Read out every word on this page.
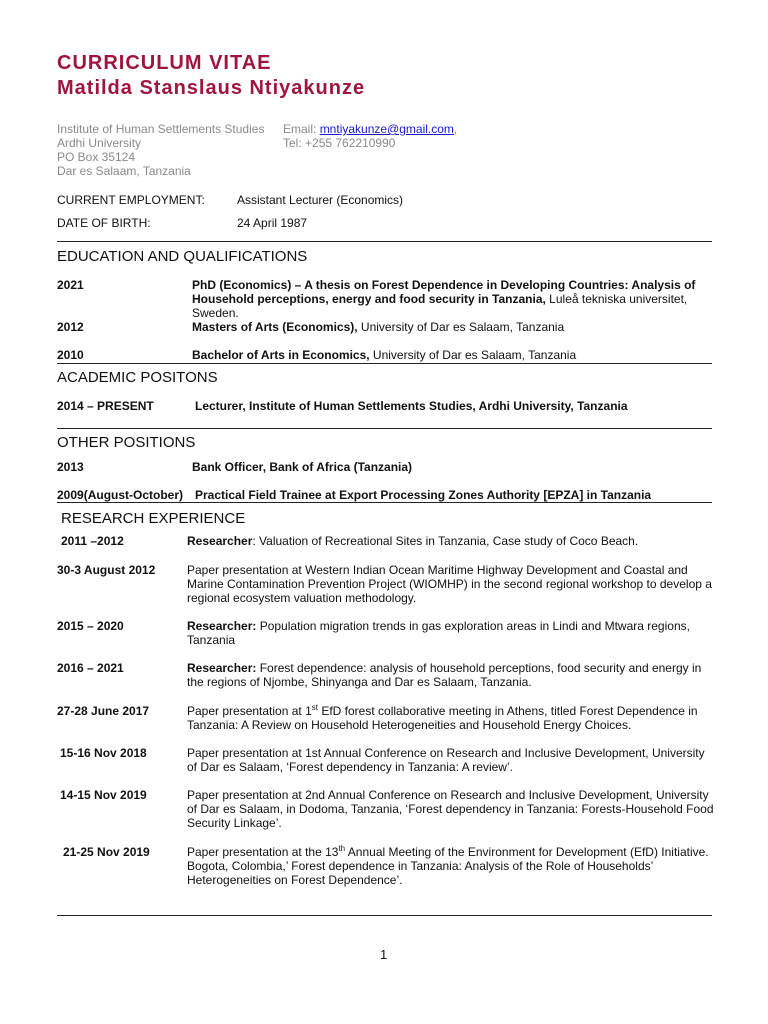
CURRICULUM VITAE
Matilda Stanslaus Ntiyakunze
Institute of Human Settlements Studies
Ardhi University
PO Box 35124
Dar es Salaam, Tanzania
Email: mntiyakunze@gmail.com,
Tel: +255 762210990
CURRENT EMPLOYMENT:	Assistant Lecturer (Economics)
DATE OF BIRTH:	24 April 1987
EDUCATION AND QUALIFICATIONS
2021	PhD (Economics) – A thesis on Forest Dependence in Developing Countries: Analysis of Household perceptions, energy and food security in Tanzania, Luleå tekniska universitet, Sweden.
2012	Masters of Arts (Economics), University of Dar es Salaam, Tanzania
2010	Bachelor of Arts in Economics, University of Dar es Salaam, Tanzania
ACADEMIC POSITONS
2014 – PRESENT	Lecturer, Institute of Human Settlements Studies, Ardhi University, Tanzania
OTHER POSITIONS
2013	Bank Officer, Bank of Africa (Tanzania)
2009(August-October) Practical Field Trainee at Export Processing Zones Authority [EPZA] in Tanzania
RESEARCH EXPERIENCE
2011 –2012	Researcher: Valuation of Recreational Sites in Tanzania, Case study of Coco Beach.
30-3 August 2012	Paper presentation at Western Indian Ocean Maritime Highway Development and Coastal and Marine Contamination Prevention Project (WIOMHP) in the second regional workshop to develop a regional ecosystem valuation methodology.
2015 – 2020	Researcher: Population migration trends in gas exploration areas in Lindi and Mtwara regions, Tanzania
2016 – 2021	Researcher: Forest dependence: analysis of household perceptions, food security and energy in the regions of Njombe, Shinyanga and Dar es Salaam, Tanzania.
27-28 June 2017	Paper presentation at 1st EfD forest collaborative meeting in Athens, titled Forest Dependence in Tanzania: A Review on Household Heterogeneities and Household Energy Choices.
15-16 Nov 2018	Paper presentation at 1st Annual Conference on Research and Inclusive Development, University of Dar es Salaam, ‘Forest dependency in Tanzania: A review’.
14-15 Nov 2019	Paper presentation at 2nd Annual Conference on Research and Inclusive Development, University of Dar es Salaam, in Dodoma, Tanzania, ‘Forest dependency in Tanzania: Forests-Household Food Security Linkage’.
21-25 Nov 2019	Paper presentation at the 13th Annual Meeting of the Environment for Development (EfD) Initiative. Bogota, Colombia,’ Forest dependence in Tanzania: Analysis of the Role of Households’ Heterogeneities on Forest Dependence’.
1
